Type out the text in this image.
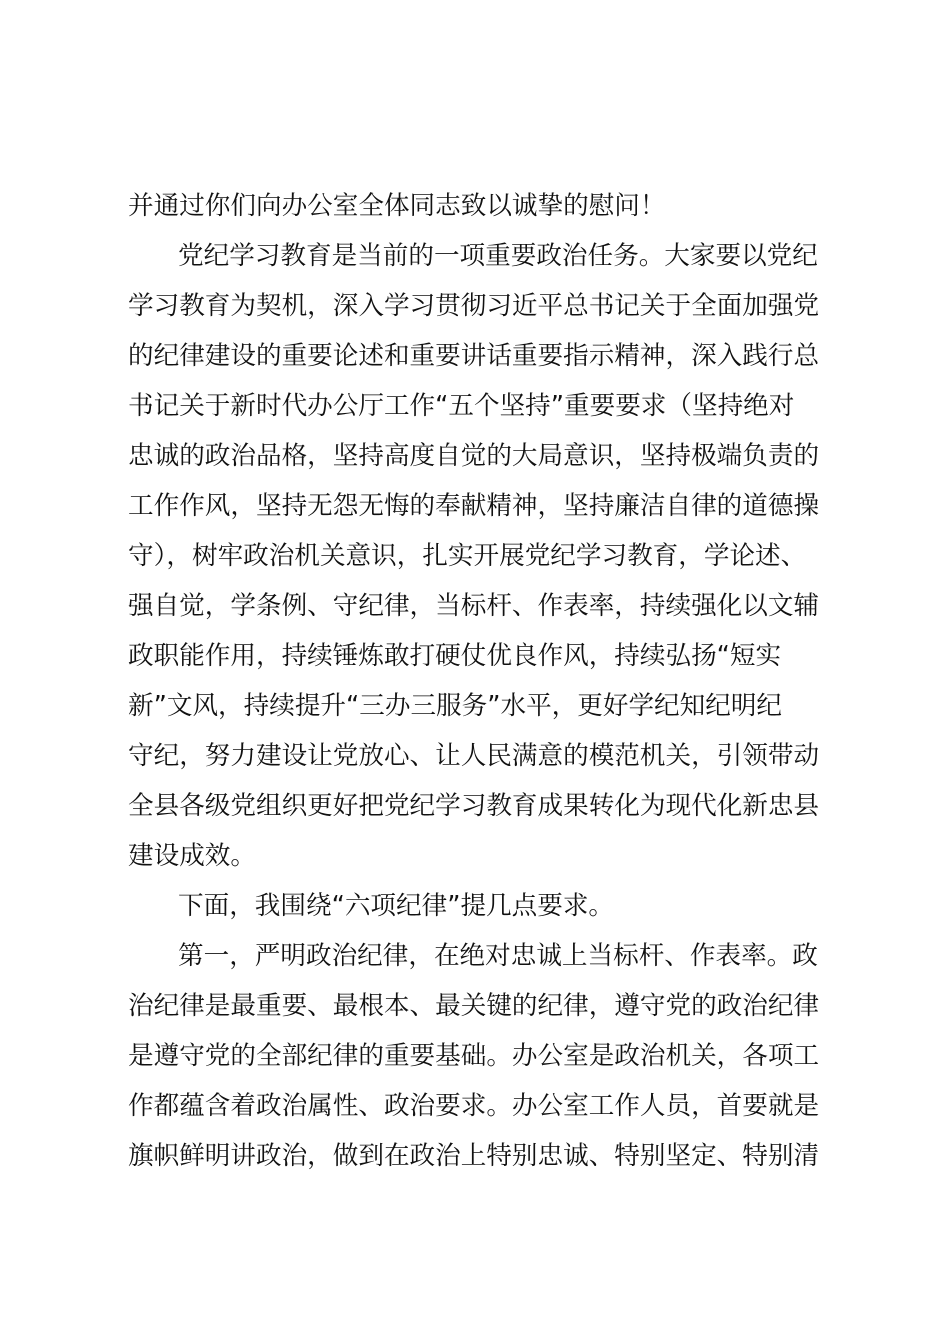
并通过你们向办公室全体同志致以诚挚的慰问！
党纪学习教育是当前的一项重要政治任务。大家要以党纪
学习教育为契机，深入学习贯彻习近平总书记关于全面加强党
的纪律建设的重要论述和重要讲话重要指示精神，深入践行总
书记关于新时代办公厅工作“五个坚持”重要要求（坚持绝对
忠诚的政治品格，坚持高度自觉的大局意识，坚持极端负责的
工作作风，坚持无怨无悔的奉献精神，坚持廉洁自律的道德操
守），树牢政治机关意识，扎实开展党纪学习教育，学论述、
强自觉，学条例、守纪律，当标杆、作表率，持续强化以文辅
政职能作用，持续锤炼敢打硬仗优良作风，持续弘扬“短实
新”文风，持续提升“三办三服务”水平，更好学纪知纪明纪
守纪，努力建设让党放心、让人民满意的模范机关，引领带动
全县各级党组织更好把党纪学习教育成果转化为现代化新忠县
建设成效。
下面，我围绕“六项纪律”提几点要求。
第一，严明政治纪律，在绝对忠诚上当标杆、作表率。政
治纪律是最重要、最根本、最关键的纪律，遵守党的政治纪律
是遵守党的全部纪律的重要基础。办公室是政治机关，各项工
作都蕴含着政治属性、政治要求。办公室工作人员，首要就是
旗帜鲜明讲政治，做到在政治上特别忠诚、特别坚定、特别清
